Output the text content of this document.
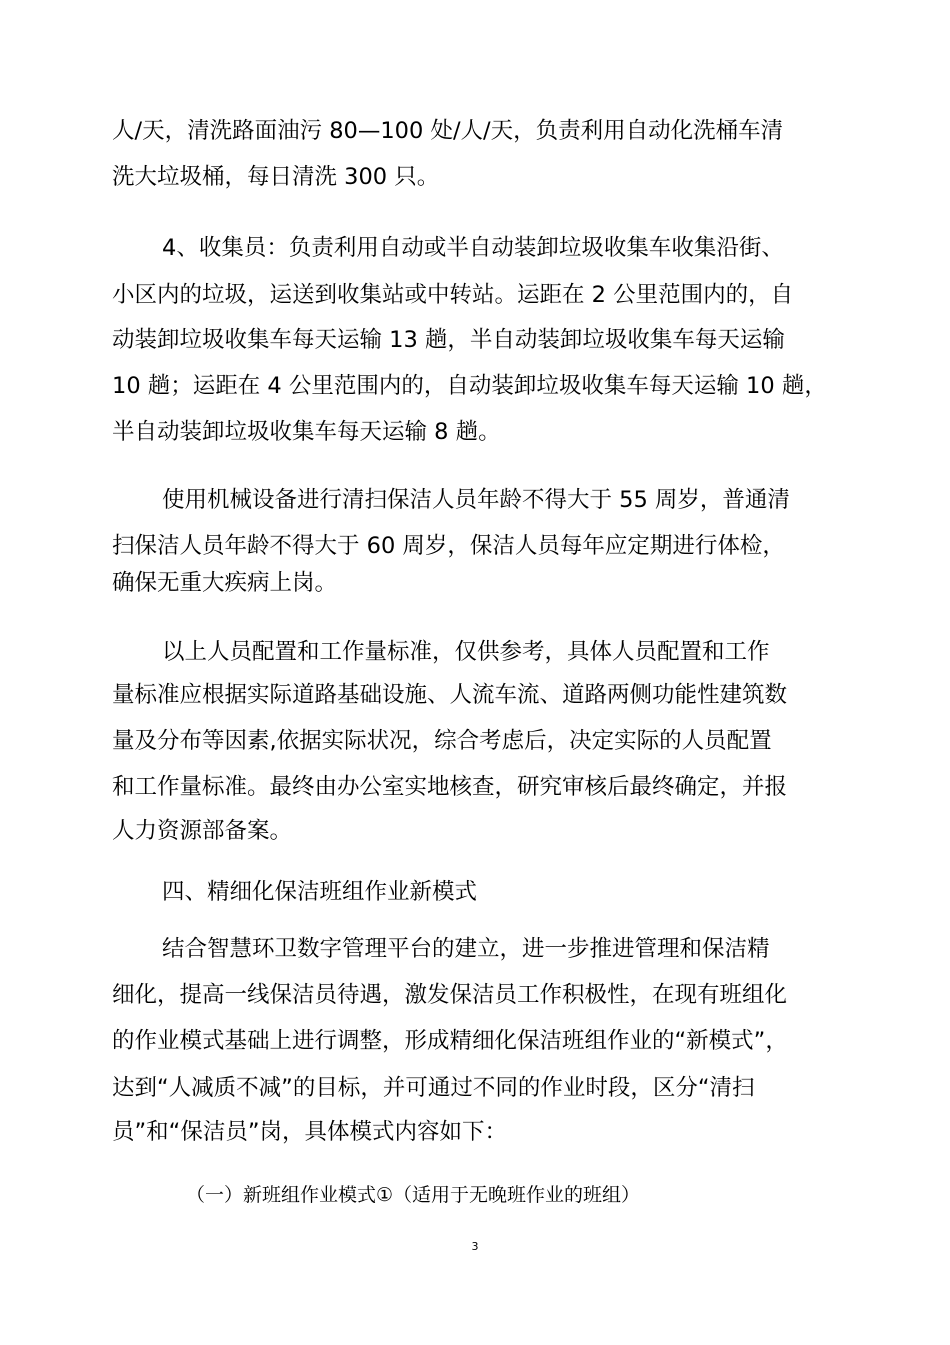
人/天，清洗路面油污 80—100 处/人/天，负责利用自动化洗桶车清

洗大垃圾桶，每日清洗 300 只。

4、收集员：负责利用自动或半自动装卸垃圾收集车收集沿街、

小区内的垃圾，运送到收集站或中转站。运距在 2 公里范围内的，自

动装卸垃圾收集车每天运输 13 趟，半自动装卸垃圾收集车每天运输

10 趟；运距在 4 公里范围内的，自动装卸垃圾收集车每天运输 10 趟，

半自动装卸垃圾收集车每天运输 8 趟。

使用机械设备进行清扫保洁人员年龄不得大于 55 周岁，普通清

扫保洁人员年龄不得大于 60 周岁，保洁人员每年应定期进行体检，

确保无重大疾病上岗。

以上人员配置和工作量标准，仅供参考，具体人员配置和工作

量标准应根据实际道路基础设施、人流车流、道路两侧功能性建筑数

量及分布等因素,依据实际状况，综合考虑后，决定实际的人员配置

和工作量标准。最终由办公室实地核查，研究审核后最终确定，并报

人力资源部备案。

四、精细化保洁班组作业新模式

结合智慧环卫数字管理平台的建立，进一步推进管理和保洁精

细化，提高一线保洁员待遇，激发保洁员工作积极性，在现有班组化

的作业模式基础上进行调整，形成精细化保洁班组作业的“新模式”，

达到“人减质不减”的目标，并可通过不同的作业时段，区分“清扫

员”和“保洁员”岗，具体模式内容如下：

（一）新班组作业模式①（适用于无晚班作业的班组）

3
